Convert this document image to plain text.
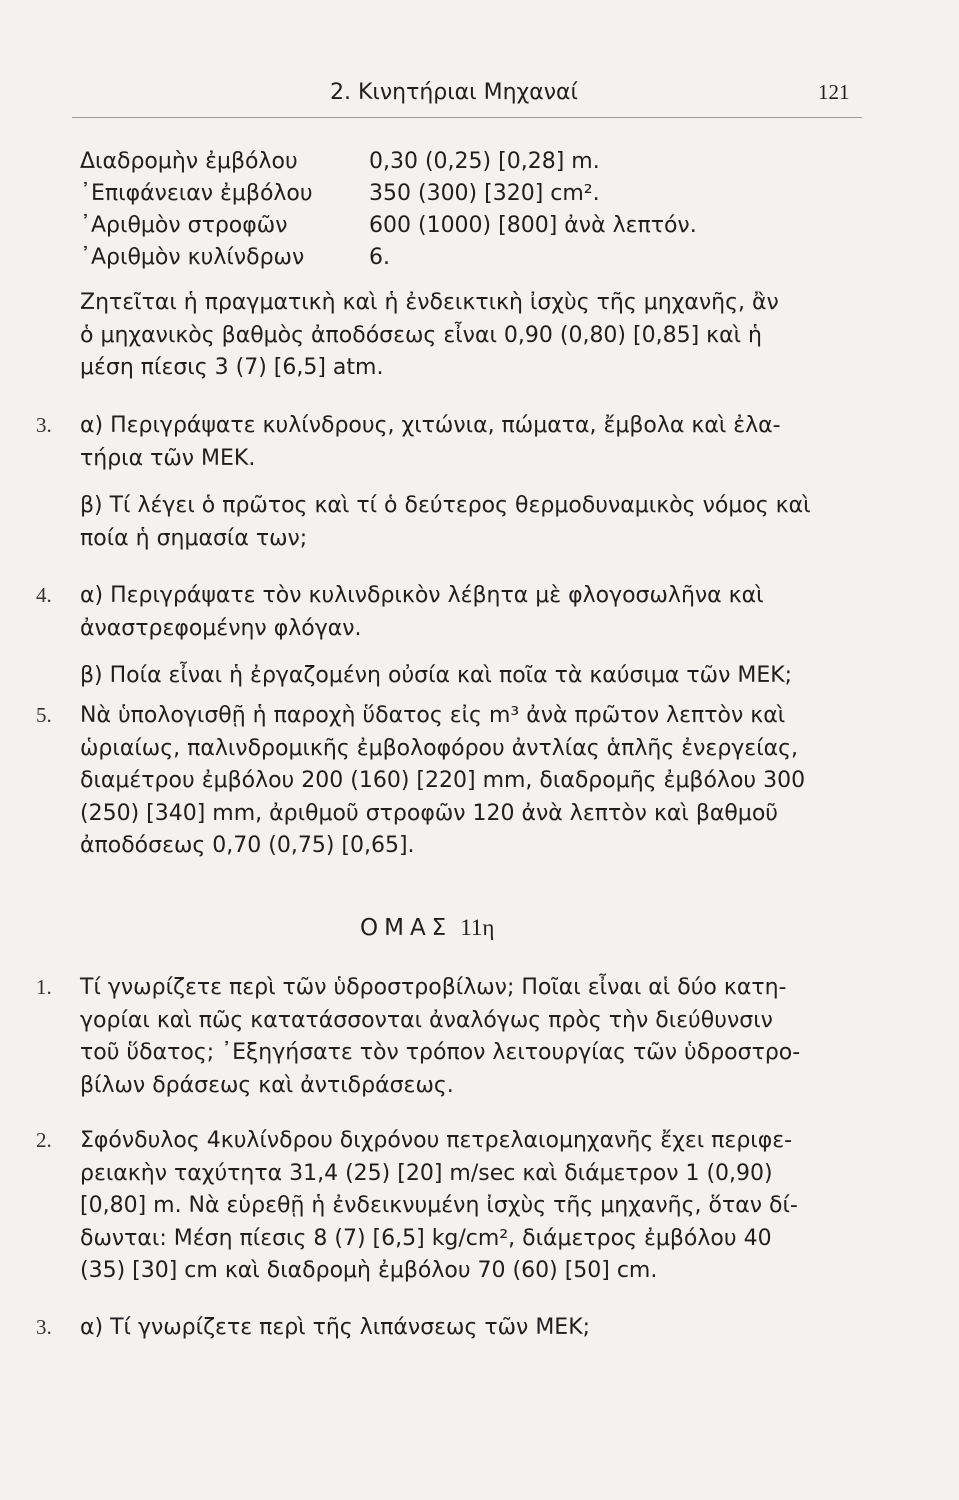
2. Κινητήριαι Μηχαναί	121
Διαδρομὴν ἐμβόλου	0,30 (0,25) [0,28] m.
᾿Επιφάνειαν ἐμβόλου	350 (300) [320] cm².
᾿Αριθμὸν στροφῶν	600 (1000) [800] ἀνὰ λεπτόν.
᾿Αριθμὸν κυλίνδρων	6.
Ζητεῖται ἡ πραγματικὴ καὶ ἡ ἐνδεικτικὴ ἰσχὺς τῆς μηχανῆς, ἂν
ὁ μηχανικὸς βαθμὸς ἀποδόσεως εἶναι 0,90 (0,80) [0,85] καὶ ἡ
μέση πίεσις 3 (7) [6,5] atm.
3. α) Περιγράψατε κυλίνδρους, χιτώνια, πώματα, ἔμβολα καὶ ἐλα-
τήρια τῶν ΜΕΚ.
β) Τί λέγει ὁ πρῶτος καὶ τί ὁ δεύτερος θερμοδυναμικὸς νόμος καὶ
ποία ἡ σημασία των;
4. α) Περιγράψατε τὸν κυλινδρικὸν λέβητα μὲ φλογοσωλῆνα καὶ
ἀναστρεφομένην φλόγαν.
β) Ποία εἶναι ἡ ἐργαζομένη οὐσία καὶ ποῖα τὰ καύσιμα τῶν ΜΕΚ;
5. Νὰ ὑπολογισθῇ ἡ παροχὴ ὕδατος εἰς m³ ἀνὰ πρῶτον λεπτὸν καὶ
ὡριαίως, παλινδρομικῆς ἐμβολοφόρου ἀντλίας ἁπλῆς ἐνεργείας,
διαμέτρου ἐμβόλου 200 (160) [220] mm, διαδρομῆς ἐμβόλου 300
(250) [340] mm, ἀριθμοῦ στροφῶν 120 ἀνὰ λεπτὸν καὶ βαθμοῦ
ἀποδόσεως 0,70 (0,75) [0,65].
ΟΜΑΣ 11η
1. Τί γνωρίζετε περὶ τῶν ὑδροστροβίλων; Ποῖαι εἶναι αἱ δύο κατη-
γορίαι καὶ πῶς κατατάσσονται ἀναλόγως πρὸς τὴν διεύθυνσιν
τοῦ ὕδατος; ᾿Εξηγήσατε τὸν τρόπον λειτουργίας τῶν ὑδροστρο-
βίλων δράσεως καὶ ἀντιδράσεως.
2. Σφόνδυλος 4κυλίνδρου διχρόνου πετρελαιομηχανῆς ἔχει περιφε-
ρειακὴν ταχύτητα 31,4 (25) [20] m/sec καὶ διάμετρον 1 (0,90)
[0,80] m. Νὰ εὑρεθῇ ἡ ἐνδεικνυμένη ἰσχὺς τῆς μηχανῆς, ὅταν δί-
δωνται: Μέση πίεσις 8 (7) [6,5] kg/cm², διάμετρος ἐμβόλου 40
(35) [30] cm καὶ διαδρομὴ ἐμβόλου 70 (60) [50] cm.
3. α) Τί γνωρίζετε περὶ τῆς λιπάνσεως τῶν ΜΕΚ;
